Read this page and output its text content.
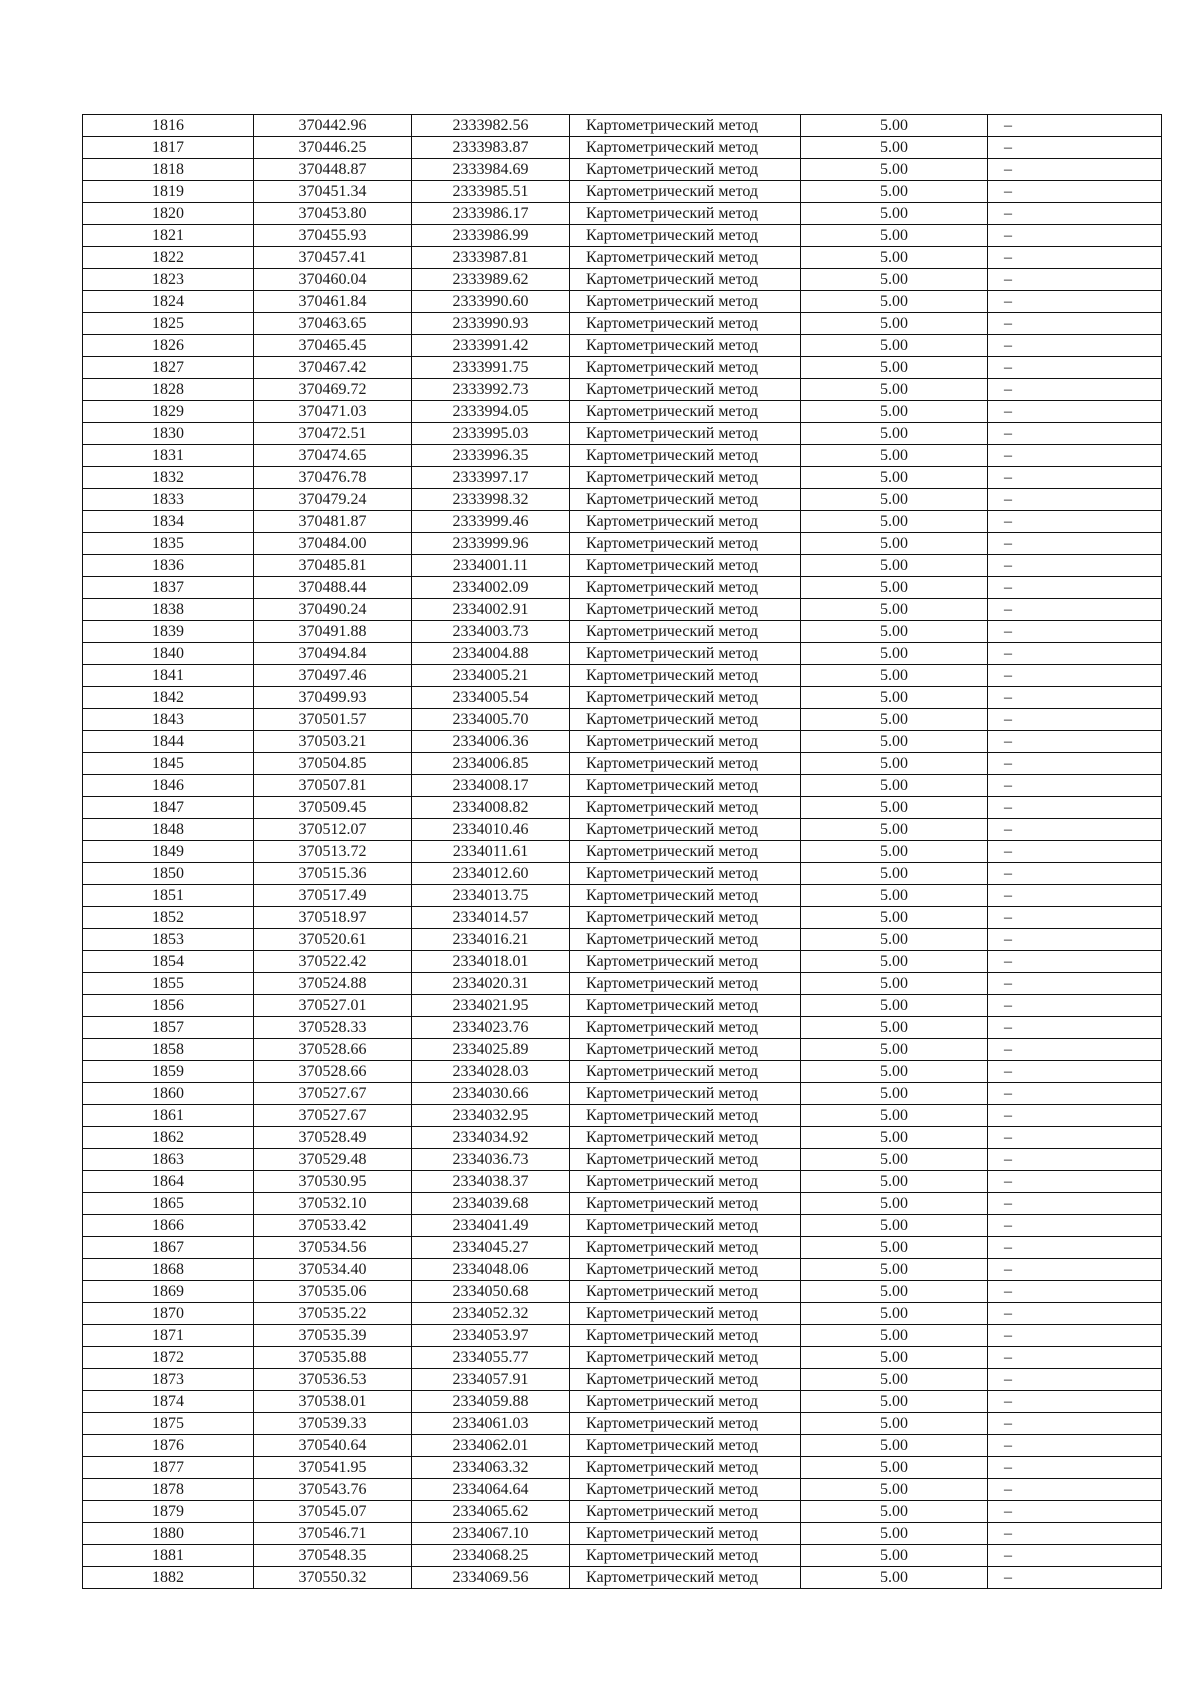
1816	370442.96	2333982.56	Картометрический метод	5.00	–
1817	370446.25	2333983.87	Картометрический метод	5.00	–
1818	370448.87	2333984.69	Картометрический метод	5.00	–
1819	370451.34	2333985.51	Картометрический метод	5.00	–
1820	370453.80	2333986.17	Картометрический метод	5.00	–
1821	370455.93	2333986.99	Картометрический метод	5.00	–
1822	370457.41	2333987.81	Картометрический метод	5.00	–
1823	370460.04	2333989.62	Картометрический метод	5.00	–
1824	370461.84	2333990.60	Картометрический метод	5.00	–
1825	370463.65	2333990.93	Картометрический метод	5.00	–
1826	370465.45	2333991.42	Картометрический метод	5.00	–
1827	370467.42	2333991.75	Картометрический метод	5.00	–
1828	370469.72	2333992.73	Картометрический метод	5.00	–
1829	370471.03	2333994.05	Картометрический метод	5.00	–
1830	370472.51	2333995.03	Картометрический метод	5.00	–
1831	370474.65	2333996.35	Картометрический метод	5.00	–
1832	370476.78	2333997.17	Картометрический метод	5.00	–
1833	370479.24	2333998.32	Картометрический метод	5.00	–
1834	370481.87	2333999.46	Картометрический метод	5.00	–
1835	370484.00	2333999.96	Картометрический метод	5.00	–
1836	370485.81	2334001.11	Картометрический метод	5.00	–
1837	370488.44	2334002.09	Картометрический метод	5.00	–
1838	370490.24	2334002.91	Картометрический метод	5.00	–
1839	370491.88	2334003.73	Картометрический метод	5.00	–
1840	370494.84	2334004.88	Картометрический метод	5.00	–
1841	370497.46	2334005.21	Картометрический метод	5.00	–
1842	370499.93	2334005.54	Картометрический метод	5.00	–
1843	370501.57	2334005.70	Картометрический метод	5.00	–
1844	370503.21	2334006.36	Картометрический метод	5.00	–
1845	370504.85	2334006.85	Картометрический метод	5.00	–
1846	370507.81	2334008.17	Картометрический метод	5.00	–
1847	370509.45	2334008.82	Картометрический метод	5.00	–
1848	370512.07	2334010.46	Картометрический метод	5.00	–
1849	370513.72	2334011.61	Картометрический метод	5.00	–
1850	370515.36	2334012.60	Картометрический метод	5.00	–
1851	370517.49	2334013.75	Картометрический метод	5.00	–
1852	370518.97	2334014.57	Картометрический метод	5.00	–
1853	370520.61	2334016.21	Картометрический метод	5.00	–
1854	370522.42	2334018.01	Картометрический метод	5.00	–
1855	370524.88	2334020.31	Картометрический метод	5.00	–
1856	370527.01	2334021.95	Картометрический метод	5.00	–
1857	370528.33	2334023.76	Картометрический метод	5.00	–
1858	370528.66	2334025.89	Картометрический метод	5.00	–
1859	370528.66	2334028.03	Картометрический метод	5.00	–
1860	370527.67	2334030.66	Картометрический метод	5.00	–
1861	370527.67	2334032.95	Картометрический метод	5.00	–
1862	370528.49	2334034.92	Картометрический метод	5.00	–
1863	370529.48	2334036.73	Картометрический метод	5.00	–
1864	370530.95	2334038.37	Картометрический метод	5.00	–
1865	370532.10	2334039.68	Картометрический метод	5.00	–
1866	370533.42	2334041.49	Картометрический метод	5.00	–
1867	370534.56	2334045.27	Картометрический метод	5.00	–
1868	370534.40	2334048.06	Картометрический метод	5.00	–
1869	370535.06	2334050.68	Картометрический метод	5.00	–
1870	370535.22	2334052.32	Картометрический метод	5.00	–
1871	370535.39	2334053.97	Картометрический метод	5.00	–
1872	370535.88	2334055.77	Картометрический метод	5.00	–
1873	370536.53	2334057.91	Картометрический метод	5.00	–
1874	370538.01	2334059.88	Картометрический метод	5.00	–
1875	370539.33	2334061.03	Картометрический метод	5.00	–
1876	370540.64	2334062.01	Картометрический метод	5.00	–
1877	370541.95	2334063.32	Картометрический метод	5.00	–
1878	370543.76	2334064.64	Картометрический метод	5.00	–
1879	370545.07	2334065.62	Картометрический метод	5.00	–
1880	370546.71	2334067.10	Картометрический метод	5.00	–
1881	370548.35	2334068.25	Картометрический метод	5.00	–
1882	370550.32	2334069.56	Картометрический метод	5.00	–
